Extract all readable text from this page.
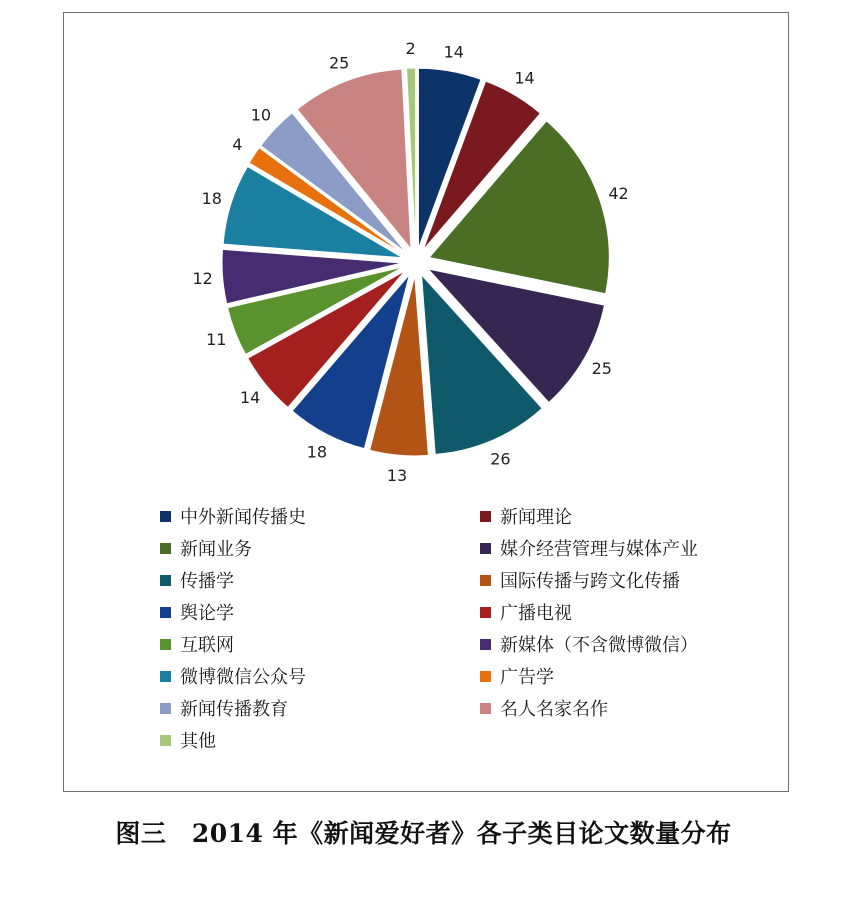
14
14
42
25
26
13
18
14
11
12
18
4
10
25
2
中外新闻传播史	新闻理论
新闻业务	媒介经营管理与媒体产业
传播学	国际传播与跨文化传播
舆论学	广播电视
互联网	新媒体（不含微博微信）
微博微信公众号	广告学
新闻传播教育	名人名家名作
其他
图三　2014 年《新闻爱好者》各子类目论文数量分布
